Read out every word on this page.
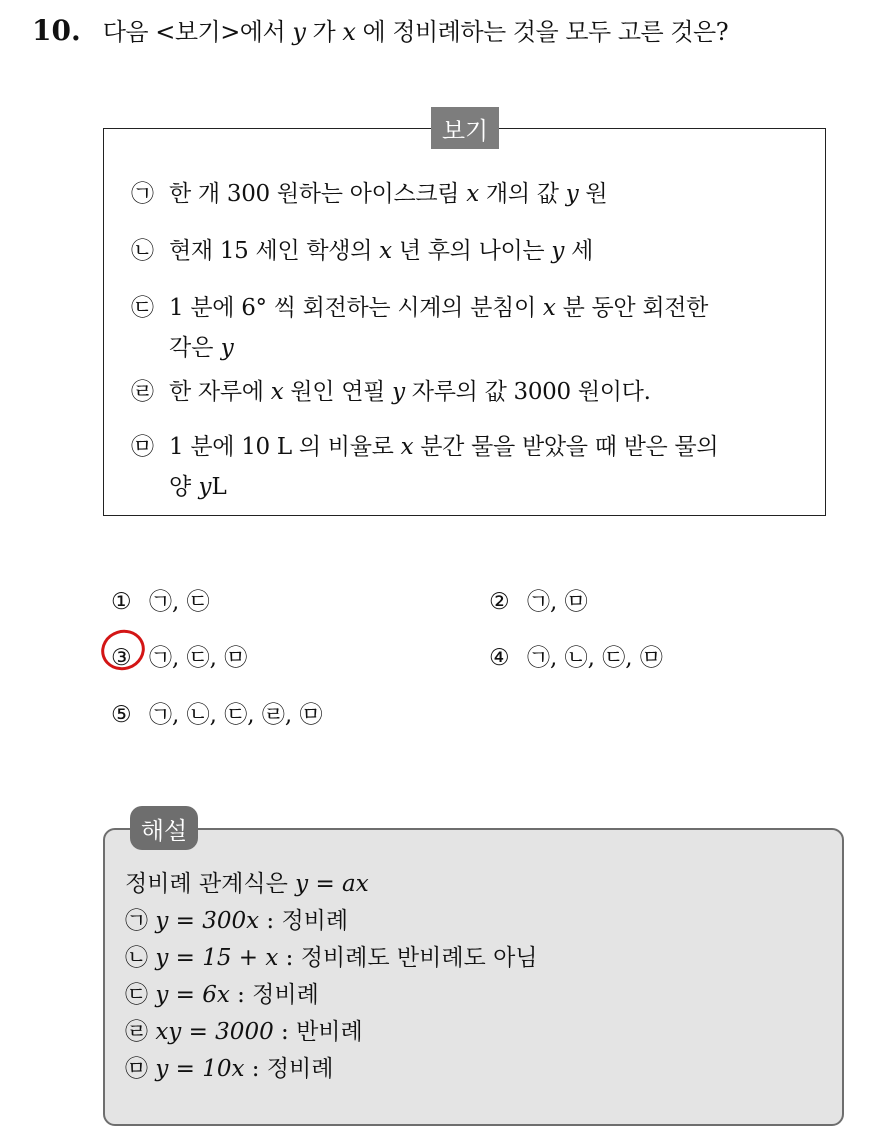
10. 다음 <보기>에서 y 가 x 에 정비례하는 것을 모두 고른 것은?
보기
㉠ 한 개 300 원하는 아이스크림 x 개의 값 y 원
㉡ 현재 15 세인 학생의 x 년 후의 나이는 y 세
㉢ 1 분에 6° 씩 회전하는 시계의 분침이 x 분 동안 회전한
각은 y
㉣ 한 자루에 x 원인 연필 y 자루의 값 3000 원이다.
㉤ 1 분에 10 L 의 비율로 x 분간 물을 받았을 때 받은 물의
양 yL
① ㉠, ㉢	② ㉠, ㉤
③ ㉠, ㉢, ㉤	④ ㉠, ㉡, ㉢, ㉤
⑤ ㉠, ㉡, ㉢, ㉣, ㉤
해설
정비례 관계식은 y = ax
㉠ y = 300x : 정비례
㉡ y = 15 + x : 정비례도 반비례도 아님
㉢ y = 6x : 정비례
㉣ xy = 3000 : 반비례
㉤ y = 10x : 정비례
